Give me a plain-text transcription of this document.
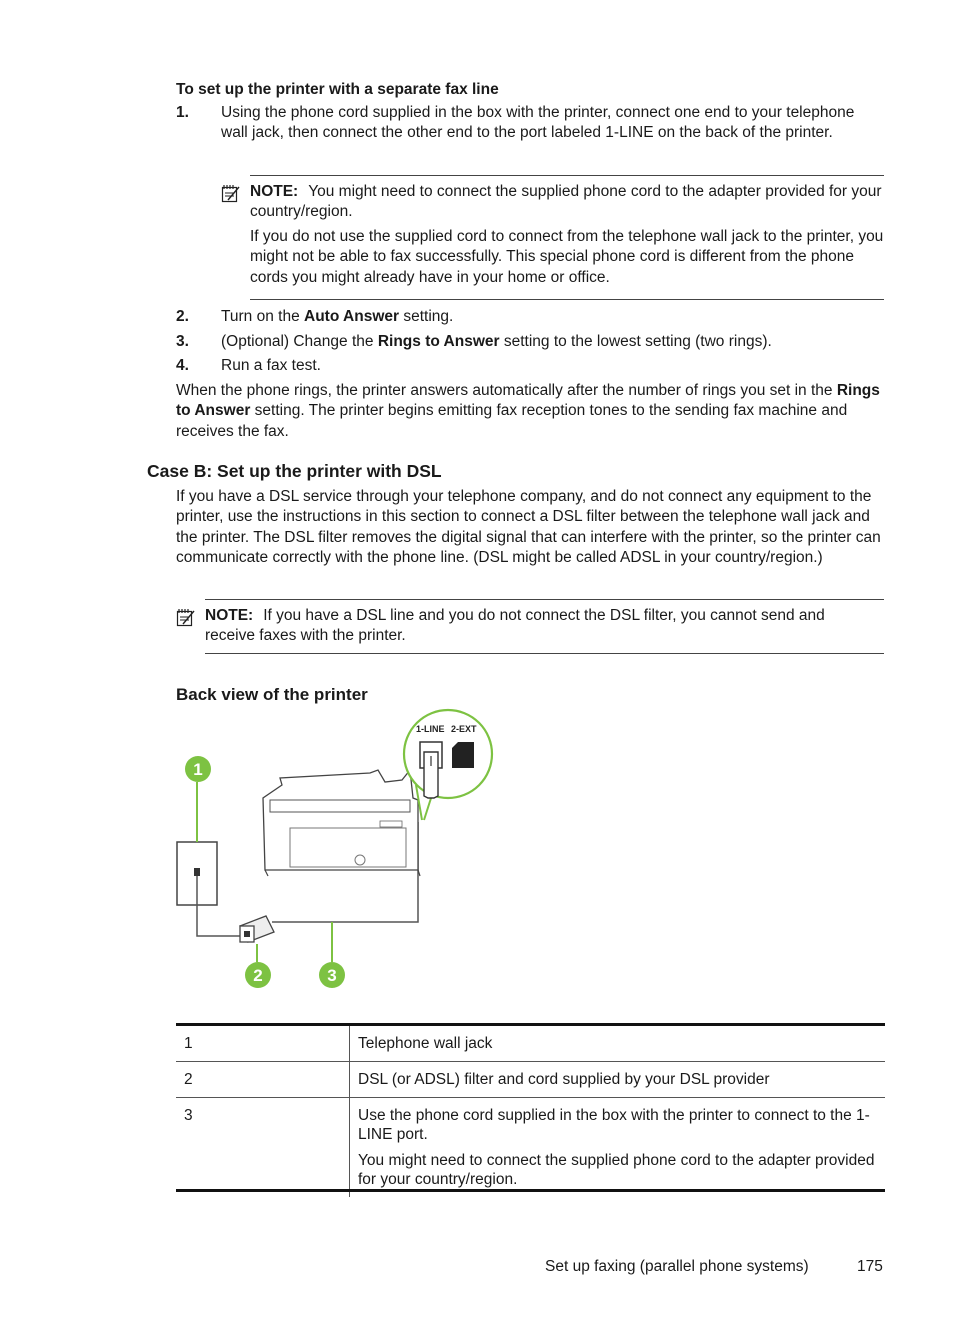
To set up the printer with a separate fax line
1. Using the phone cord supplied in the box with the printer, connect one end to your telephone wall jack, then connect the other end to the port labeled 1-LINE on the back of the printer.
NOTE: You might need to connect the supplied phone cord to the adapter provided for your country/region.
If you do not use the supplied cord to connect from the telephone wall jack to the printer, you might not be able to fax successfully. This special phone cord is different from the phone cords you might already have in your home or office.
2. Turn on the Auto Answer setting.
3. (Optional) Change the Rings to Answer setting to the lowest setting (two rings).
4. Run a fax test.
When the phone rings, the printer answers automatically after the number of rings you set in the Rings to Answer setting. The printer begins emitting fax reception tones to the sending fax machine and receives the fax.
Case B: Set up the printer with DSL
If you have a DSL service through your telephone company, and do not connect any equipment to the printer, use the instructions in this section to connect a DSL filter between the telephone wall jack and the printer. The DSL filter removes the digital signal that can interfere with the printer, so the printer can communicate correctly with the phone line. (DSL might be called ADSL in your country/region.)
NOTE: If you have a DSL line and you do not connect the DSL filter, you cannot send and receive faxes with the printer.
Back view of the printer
1-LINE 2-EXT
1
2	3
1	Telephone wall jack
2	DSL (or ADSL) filter and cord supplied by your DSL provider
3	Use the phone cord supplied in the box with the printer to connect to the 1-LINE port.
You might need to connect the supplied phone cord to the adapter provided for your country/region.
Set up faxing (parallel phone systems)	175
